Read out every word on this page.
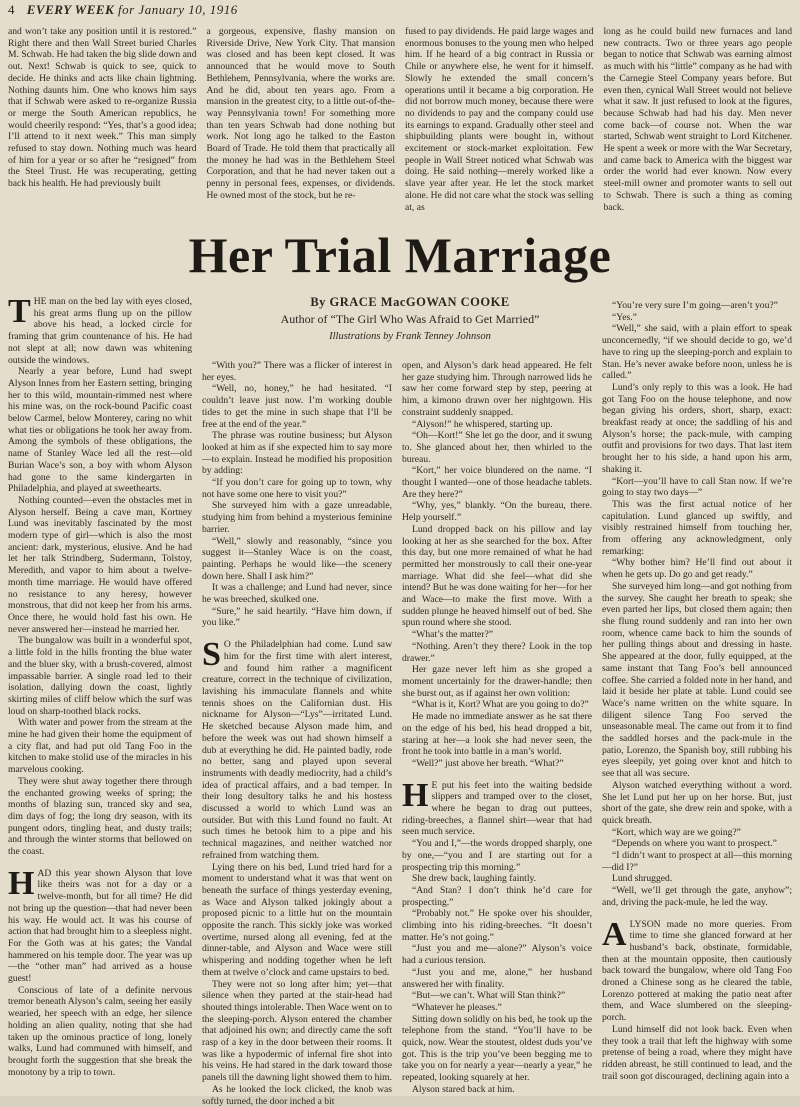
4 EVERY WEEK for January 10, 1916

and won’t take any position until it is restored.” Right there and then Wall Street buried Charles M. Schwab. He had taken the big slide down and out. Next! Schwab is quick to see, quick to decide. He thinks and acts like chain lightning. Nothing daunts him. One who knows him says that if Schwab were asked to re-organize Russia or merge the South American republics, he would cheerily respond: “Yes, that’s a good idea; I’ll attend to it next week.” This man simply refused to stay down. Nothing much was heard of him for a year or so after he “resigned” from the Steel Trust. He was recuperating, getting back his health. He had previously built

a gorgeous, expensive, flashy mansion on Riverside Drive, New York City. That mansion was closed and has been kept closed. It was announced that he would move to South Bethlehem, Pennsylvania, where the works are. And he did, about ten years ago. From a mansion in the greatest city, to a little out-of-the-way Pennsylvania town! For something more than ten years Schwab had done nothing but work. Not long ago he talked to the Easton Board of Trade. He told them that practically all the money he had was in the Bethlehem Steel Corporation, and that he had never taken out a penny in personal fees, expenses, or dividends. He owned most of the stock, but he re-

fused to pay dividends. He paid large wages and enormous bonuses to the young men who helped him. If he heard of a big contract in Russia or Chile or anywhere else, he went for it himself. Slowly he extended the small concern’s operations until it became a big corporation. He did not borrow much money, because there were no dividends to pay and the company could use its earnings to expand. Gradually other steel and shipbuilding plants were bought in, without excitement or stock-market exploitation. Few people in Wall Street noticed what Schwab was doing. He said nothing—merely worked like a slave year after year. He let the stock market alone. He did not care what the stock was selling at, as

long as he could build new furnaces and land new contracts. Two or three years ago people began to notice that Schwab was earning almost as much with his “little” company as he had with the Carnegie Steel Company years before. But even then, cynical Wall Street would not believe what it saw. It just refused to look at the figures, because Schwab had had his day. Men never come back—of course not. When the war started, Schwab went straight to Lord Kitchener. He spent a week or more with the War Secretary, and came back to America with the biggest war order the world had ever known. Now every steel-mill owner and promoter wants to sell out to Schwab. There is such a thing as coming back.

Her Trial Marriage
By GRACE MacGOWAN COOKE
Author of “The Girl Who Was Afraid to Get Married”
Illustrations by Frank Tenney Johnson

THE man on the bed lay with eyes closed, his great arms flung up on the pillow above his head, a locked circle for framing that grim countenance of his. He had not slept at all; now dawn was whitening outside the windows.

Nearly a year before, Lund had swept Alyson Innes from her Eastern setting, bringing her to this wild, mountain-rimmed nest where his mine was, on the rock-bound Pacific coast below Carmel, below Monterey, caring no whit what ties or obligations he took her away from. Among the symbols of these obligations, the name of Stanley Wace led all the rest—old Burian Wace’s son, a boy with whom Alyson had gone to the same kindergarten in Philadelphia, and played at sweethearts.

Nothing counted—even the obstacles met in Alyson herself. Being a cave man, Kortney Lund was inevitably fascinated by the most modern type of girl—which is also the most ancient: dark, mysterious, elusive. And he had let her talk Strindberg, Sudermann, Tolstoy, Meredith, and vapor to him about a twelve-month time marriage. He would have offered no resistance to any heresy, however monstrous, that did not keep her from his arms. Once there, he would hold fast his own. He never answered her—instead he married her.

The bungalow was built in a wonderful spot, a little fold in the hills fronting the blue water and the bluer sky, with a brush-covered, almost impassable barrier. A single road led to their isolation, dallying down the coast, lightly skirting miles of cliff below which the surf was loud on sharp-toothed black rocks.

With water and power from the stream at the mine he had given their home the equipment of a city flat, and had put old Tang Foo in the kitchen to make stolid use of the miracles in his marvelous cooking.

They were shut away together there through the enchanted growing weeks of spring; the months of blazing sun, tranced sky and sea, dim days of fog; the long dry season, with its pungent odors, tingling heat, and dusty trails; and through the winter storms that bellowed on the coast.

HAD this year shown Alyson that love like theirs was not for a day or a twelve-month, but for all time? He did not bring up the question—that had never been his way. He would act. It was his course of action that had brought him to a sleepless night. For the Goth was at his gates; the Vandal hammered on his temple door. The year was up—the “other man” had arrived as a house guest!

Conscious of late of a definite nervous tremor beneath Alyson’s calm, seeing her easily wearied, her speech with an edge, her silence holding an alien quality, noting that she had taken up the ominous practice of long, lonely walks, Lund had communed with himself, and brought forth the suggestion that she break the monotony by a trip to town.

“With you?” There was a flicker of interest in her eyes.

“Well, no, honey,” he had hesitated. “I couldn’t leave just now. I’m working double tides to get the mine in such shape that I’ll be free at the end of the year.”

The phrase was routine business; but Alyson looked at him as if she expected him to say more—to explain. Instead he modified his proposition by adding:

“If you don’t care for going up to town, why not have some one here to visit you?”

She surveyed him with a gaze unreadable, studying him from behind a mysterious feminine barrier.

“Well,” slowly and reasonably, “since you suggest it—Stanley Wace is on the coast, painting. Perhaps he would like—the scenery down here. Shall I ask him?”

It was a challenge; and Lund had never, since he was breeched, skulked one.

“Sure,” he said heartily. “Have him down, if you like.”

S O the Philadelphian had come. Lund saw him for the first time with alert interest, and found him rather a magnificent creature, correct in the technique of civilization, lavishing his immaculate flannels and white tennis shoes on the Californian dust. His nickname for Alyson—“Lys”—irritated Lund. He sketched because Alyson made him, and before the week was out had shown himself a dub at everything he did. He painted badly, rode no better, sang and played upon several instruments with deadly mediocrity, had a child’s idea of practical affairs, and a bad temper. In their long desultory talks he and his hostess discussed a world to which Lund was an outsider. But with this Lund found no fault. At such times he betook him to a pipe and his technical magazines, and neither watched nor refrained from watching them.

Lying there on his bed, Lund tried hard for a moment to understand what it was that went on beneath the surface of things yesterday evening, as Wace and Alyson talked jokingly about a proposed picnic to a little hut on the mountain opposite the ranch. This sickly joke was worked overtime, nursed along all evening, fed at the dinner-table, and Alyson and Wace were still whispering and nodding together when he left them at twelve o’clock and came upstairs to bed.

They were not so long after him; yet—that silence when they parted at the stair-head had shouted things intolerable. Then Wace went on to the sleeping-porch. Alyson entered the chamber that adjoined his own; and directly came the soft rasp of a key in the door between their rooms. It was like a hypodermic of infernal fire shot into his veins. He had stared in the dark toward those panels till the dawning light showed them to him.

As he looked the lock clicked, the knob was softly turned, the door inched a bit

open, and Alyson’s dark head appeared. He felt her gaze studying him. Through narrowed lids he saw her come forward step by step, peering at him, a kimono drawn over her nightgown. His constraint suddenly snapped.

“Alyson!” he whispered, starting up.

“Oh—Kort!” She let go the door, and it swung to. She glanced about her, then whirled to the bureau.

“Kort,” her voice blundered on the name. “I thought I wanted—one of those headache tablets. Are they here?”

“Why, yes,” blankly. “On the bureau, there. Help yourself.”

Lund dropped back on his pillow and lay looking at her as she searched for the box. After this day, but one more remained of what he had permitted her monstrously to call their one-year marriage. What did she feel—what did she intend? But he was done waiting for her—for her and Wace—to make the first move. With a sudden plunge he heaved himself out of bed. She spun round where she stood.

“What’s the matter?”

“Nothing. Aren’t they there? Look in the top drawer.”

Her gaze never left him as she groped a moment uncertainly for the drawer-handle; then she burst out, as if against her own volition:

“What is it, Kort? What are you going to do?”

He made no immediate answer as he sat there on the edge of his bed, his head dropped a bit, staring at her—a look she had never seen, the front he took into battle in a man’s world.

“Well?” just above her breath. “What?”

H E put his feet into the waiting bedside slippers and tramped over to the closet, where he began to drag out puttees, riding-breeches, a flannel shirt—wear that had seen much service.

“You and I,”—the words dropped sharply, one by one,—“you and I are starting out for a prospecting trip this morning.”

She drew back, laughing faintly.

“And Stan? I don’t think he’d care for prospecting.”

“Probably not.” He spoke over his shoulder, climbing into his riding-breeches. “It doesn’t matter. He’s not going.”

“Just you and me—alone?” Alyson’s voice had a curious tension.

“Just you and me, alone,” her husband answered her with finality.

“But—we can’t. What will Stan think?”

“Whatever he pleases.”

Sitting down solidly on his bed, he took up the telephone from the stand. “You’ll have to be quick, now. Wear the stoutest, oldest duds you’ve got. This is the trip you’ve been begging me to take you on for nearly a year—nearly a year,” he repeated, looking squarely at her.

Alyson stared back at him.

“You’re very sure I’m going—aren’t you?”

“Yes.”

“Well,” she said, with a plain effort to speak unconcernedly, “if we should decide to go, we’d have to ring up the sleeping-porch and explain to Stan. He’s never awake before noon, unless he is called.”

Lund’s only reply to this was a look. He had got Tang Foo on the house telephone, and now began giving his orders, short, sharp, exact: breakfast ready at once; the saddling of his and Alyson’s horse; the pack-mule, with camping outfit and provisions for two days. That last item brought her to his side, a hand upon his arm, shaking it.

“Kort—you’ll have to call Stan now. If we’re going to stay two days—”

This was the first actual notice of her capitulation. Lund glanced up swiftly, and visibly restrained himself from touching her, from offering any acknowledgment, only remarking:

“Why bother him? He’ll find out about it when he gets up. Do go and get ready.”

She surveyed him long—and got nothing from the survey. She caught her breath to speak; she even parted her lips, but closed them again; then she flung round suddenly and ran into her own room, whence came back to him the sounds of her pulling things about and dressing in haste. She appeared at the door, fully equipped, at the same instant that Tang Foo’s bell announced coffee. She carried a folded note in her hand, and laid it beside her plate at table. Lund could see Wace’s name written on the white square. In diligent silence Tang Foo served the unseasonable meal. The came out from it to find the saddled horses and the pack-mule in the patio, Lorenzo, the Spanish boy, still rubbing his eyes sleepily, yet going over knot and hitch to see that all was secure.

Alyson watched everything without a word. She let Lund put her up on her horse. But, just short of the gate, she drew rein and spoke, with a quick breath.

“Kort, which way are we going?”

“Depends on where you want to prospect.”

“I didn’t want to prospect at all—this morning—did I?”

Lund shrugged.

“Well, we’ll get through the gate, anyhow”; and, driving the pack-mule, he led the way.

ALYSON made no more queries. From time to time she glanced forward at her husband’s back, obstinate, formidable, then at the mountain opposite, then cautiously back toward the bungalow, where old Tang Foo droned a Chinese song as he cleared the table, Lorenzo pottered at making the patio neat after them, and Wace slumbered on the sleeping-porch.

Lund himself did not look back. Even when they took a trail that left the highway with some pretense of being a road, where they might have ridden abreast, he still continued to lead, and the trail soon got discouraged, declining again into a
